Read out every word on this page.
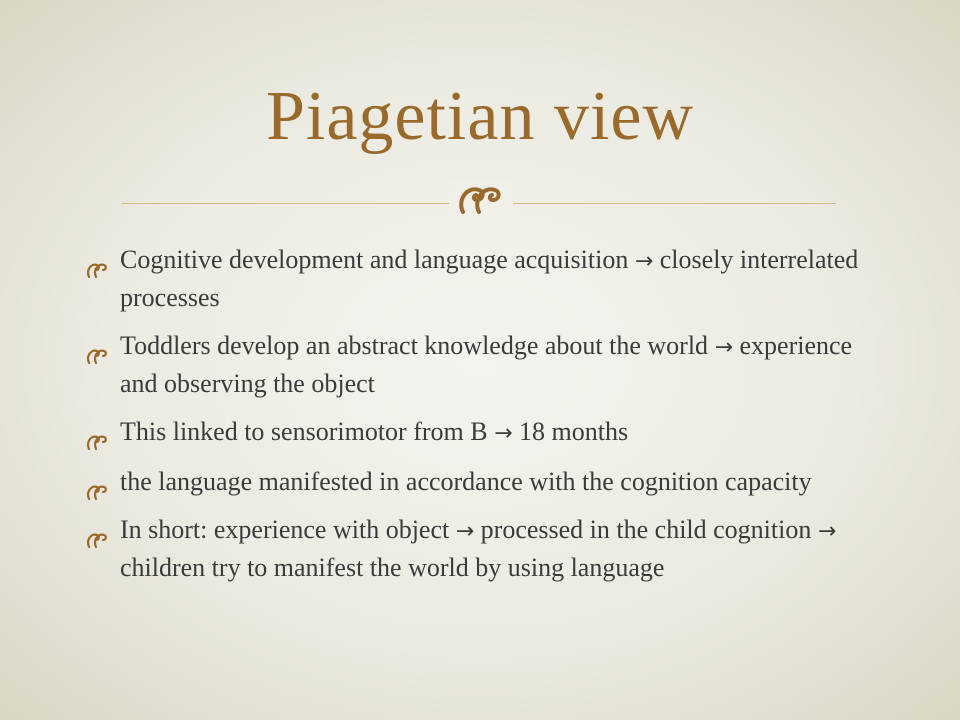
Piagetian view
Cognitive development and language acquisition → closely interrelated processes
Toddlers develop an abstract knowledge about the world → experience and observing the object
This linked to sensorimotor from B → 18 months
the language manifested in accordance with the cognition capacity
In short: experience with object → processed in the child cognition → children try to manifest the world by using language
